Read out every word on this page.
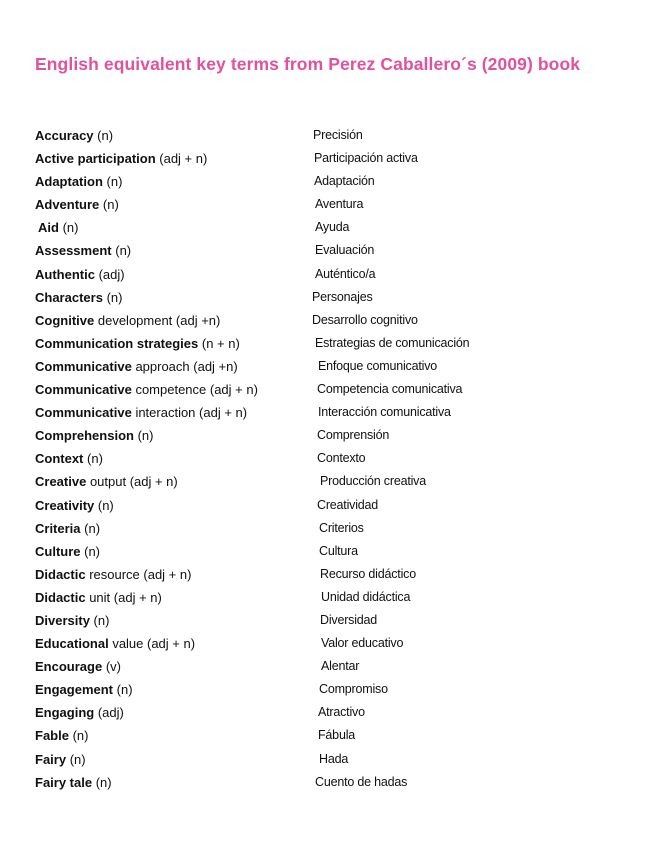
English equivalent key terms from Perez Caballero´s (2009) book
Accuracy (n)	Precisión
Active participation (adj + n)	Participación activa
Adaptation (n)	Adaptación
Adventure (n)	Aventura
Aid (n)	Ayuda
Assessment (n)	Evaluación
Authentic (adj)	Auténtico/a
Characters (n)	Personajes
Cognitive development (adj +n)	Desarrollo cognitivo
Communication strategies (n + n)	Estrategias de comunicación
Communicative approach (adj +n)	Enfoque comunicativo
Communicative competence (adj + n)	Competencia comunicativa
Communicative interaction (adj + n)	Interacción comunicativa
Comprehension (n)	Comprensión
Context (n)	Contexto
Creative output (adj + n)	Producción creativa
Creativity (n)	Creatividad
Criteria (n)	Criterios
Culture (n)	Cultura
Didactic resource (adj + n)	Recurso didáctico
Didactic unit (adj + n)	Unidad didáctica
Diversity (n)	Diversidad
Educational value (adj + n)	Valor educativo
Encourage (v)	Alentar
Engagement (n)	Compromiso
Engaging (adj)	Atractivo
Fable (n)	Fábula
Fairy (n)	Hada
Fairy tale (n)	Cuento de hadas
